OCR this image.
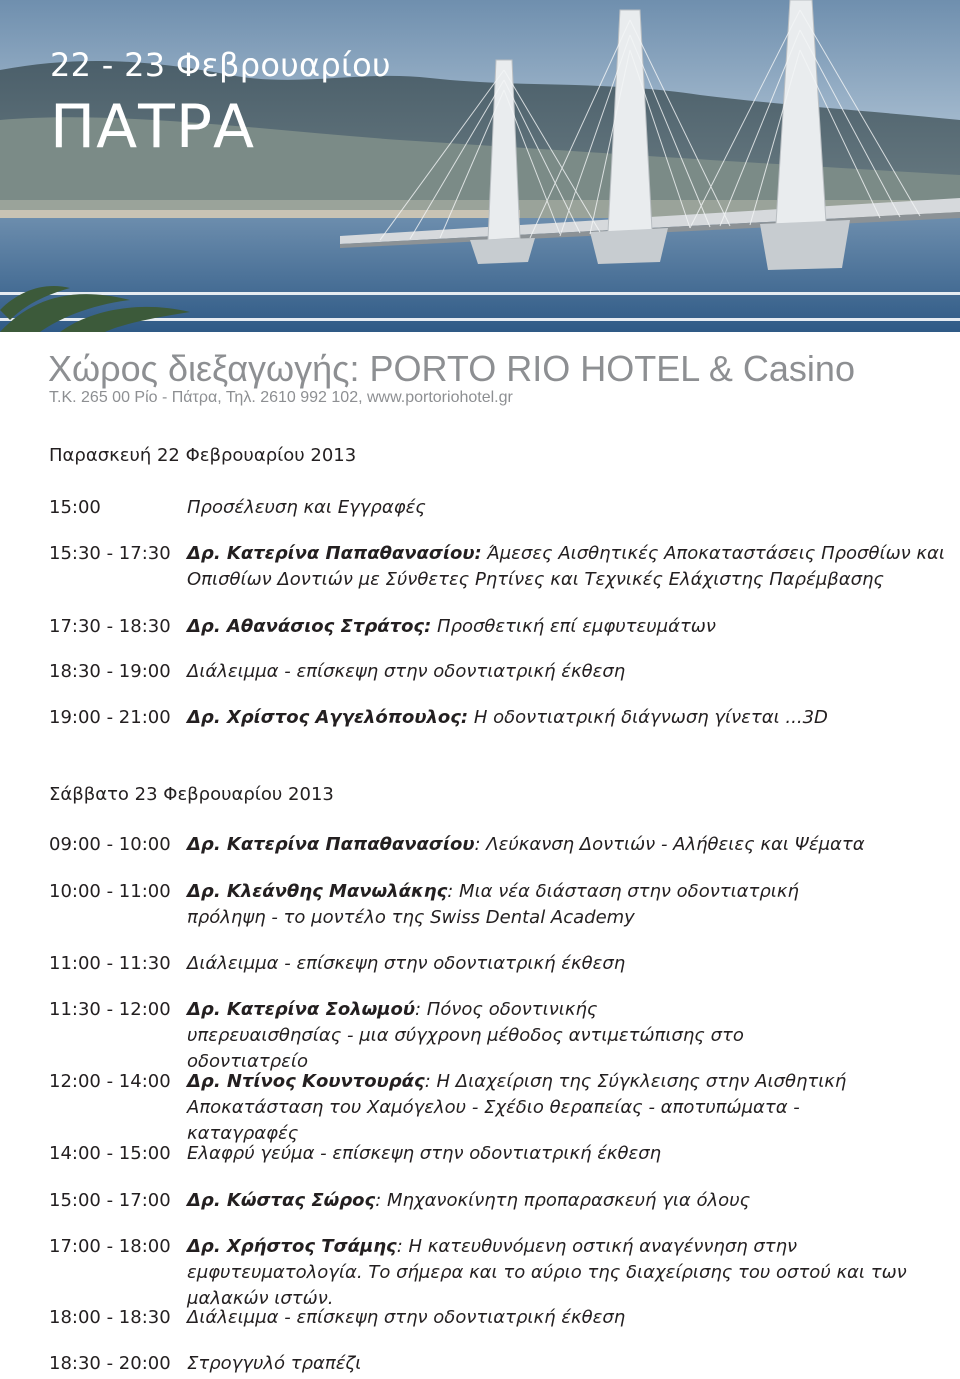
22 - 23 Φεβρουαρίου
ΠΑΤΡΑ
Χώρος διεξαγωγής: PORTO RIO HOTEL & Casino
Τ.Κ. 265 00 Ρίο - Πάτρα, Τηλ. 2610 992 102, www.portoriohotel.gr
Παρασκευή 22 Φεβρουαρίου 2013
15:00	Προσέλευση και Εγγραφές
15:30 - 17:30 Δρ. Κατερίνα Παπαθανασίου: Άμεσες Αισθητικές Αποκαταστάσεις Προσθίων και Οπισθίων Δοντιών με Σύνθετες Ρητίνες και Τεχνικές Ελάχιστης Παρέμβασης
17:30 - 18:30 Δρ. Αθανάσιος Στράτος: Προσθετική επί εμφυτευμάτων
18:30 - 19:00 Διάλειμμα - επίσκεψη στην οδοντιατρική έκθεση
19:00 - 21:00 Δρ. Χρίστος Αγγελόπουλος: Η οδοντιατρική διάγνωση γίνεται ...3D
Σάββατο 23 Φεβρουαρίου 2013
09:00 - 10:00 Δρ. Κατερίνα Παπαθανασίου: Λεύκανση Δοντιών - Αλήθειες και Ψέματα
10:00 - 11:00 Δρ. Κλεάνθης Μανωλάκης: Μια νέα διάσταση στην οδοντιατρική πρόληψη - το μοντέλο της Swiss Dental Academy
11:00 - 11:30 Διάλειμμα - επίσκεψη στην οδοντιατρική έκθεση
11:30 - 12:00 Δρ. Κατερίνα Σολωμού: Πόνος οδοντινικής υπερευαισθησίας - μια σύγχρονη μέθοδος αντιμετώπισης στο οδοντιατρείο
12:00 - 14:00 Δρ. Ντίνος Κουντουράς: Η Διαχείριση της Σύγκλεισης στην Αισθητική Αποκατάσταση του Χαμόγελου - Σχέδιο θεραπείας - αποτυπώματα - καταγραφές
14:00 - 15:00 Ελαφρύ γεύμα - επίσκεψη στην οδοντιατρική έκθεση
15:00 - 17:00 Δρ. Κώστας Σώρος: Μηχανοκίνητη προπαρασκευή για όλους
17:00 - 18:00 Δρ. Χρήστος Τσάμης: Η κατευθυνόμενη οστική αναγέννηση στην εμφυτευματολογία. Το σήμερα και το αύριο της διαχείρισης του οστού και των μαλακών ιστών.
18:00 - 18:30 Διάλειμμα - επίσκεψη στην οδοντιατρική έκθεση
18:30 - 20:00 Στρογγυλό τραπέζι
